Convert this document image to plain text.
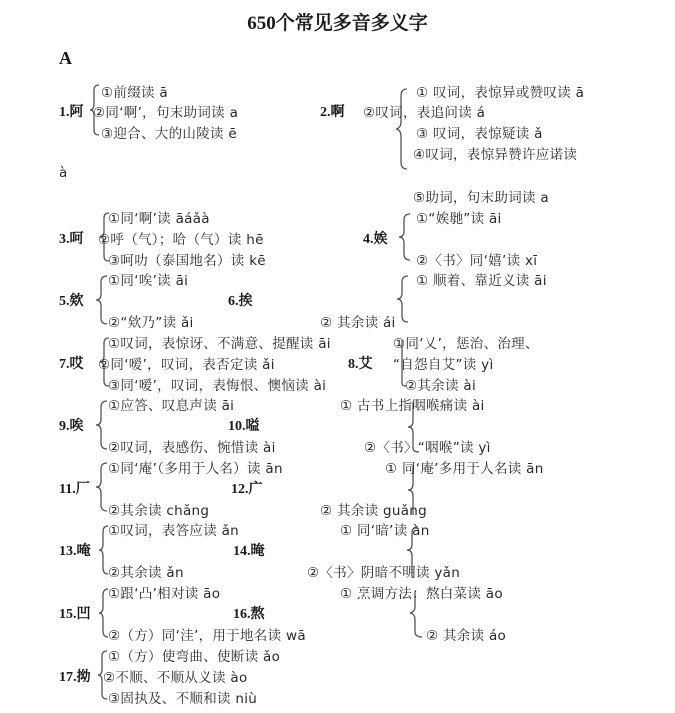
650个常见多音多义字
A
1.阿
①前缀读 ā
②同‘啊’，句末助词读 a
③迎合、大的山陵读 ē
2.啊
① 叹词，表惊异或赞叹读 ā
②叹词，表追问读 á
③ 叹词，表惊疑读 ǎ
④叹词，表惊异赞许应诺读
à
⑤助词，句末助词读 a
3.呵
①同‘啊’读 āáǎà
②呼（气）；哈（气）读 hē
③呵叻（泰国地名）读 kē
4.娭
①“娭毑”读 āi
②〈书〉同‘嬉’读 xī
5.欸
①同‘唉’读 āi
②“欸乃”读 ǎi
6.挨
① 顺着、靠近义读 āi
② 其余读 ái
7.哎
①叹词，表惊讶、不满意、提醒读 āi
②同‘嗳’，叹词，表否定读 ǎi
③同‘嗳’，叹词，表悔恨、懊恼读 ài
8.艾
①同‘乂’，惩治、治理、
“自怨自艾”读 yì
②其余读 ài
9.唉
①应答、叹息声读 āi
②叹词，表感伤、惋惜读 ài
10.嗌
① 古书上指咽喉痛读 ài
②〈书〉“咽喉”读 yì
11.厂
①同‘庵’（多用于人名）读 ān
②其余读 chǎng
12.广
① 同‘庵’多用于人名读 ān
② 其余读 guǎng
13.唵
①叹词，表答应读 ǎn
②其余读 ǎn
14.晻
① 同‘暗’读 àn
②〈书〉阴暗不明读 yǎn
15.凹
①跟‘凸’相对读 āo
②（方）同‘洼’，用于地名读 wā
16.熬
① 烹调方法：熬白菜读 āo
② 其余读 áo
17.拗
①（方）使弯曲、使断读 ǎo
②不顺、不顺从义读 ào
③固执及、不顺和读 niù
